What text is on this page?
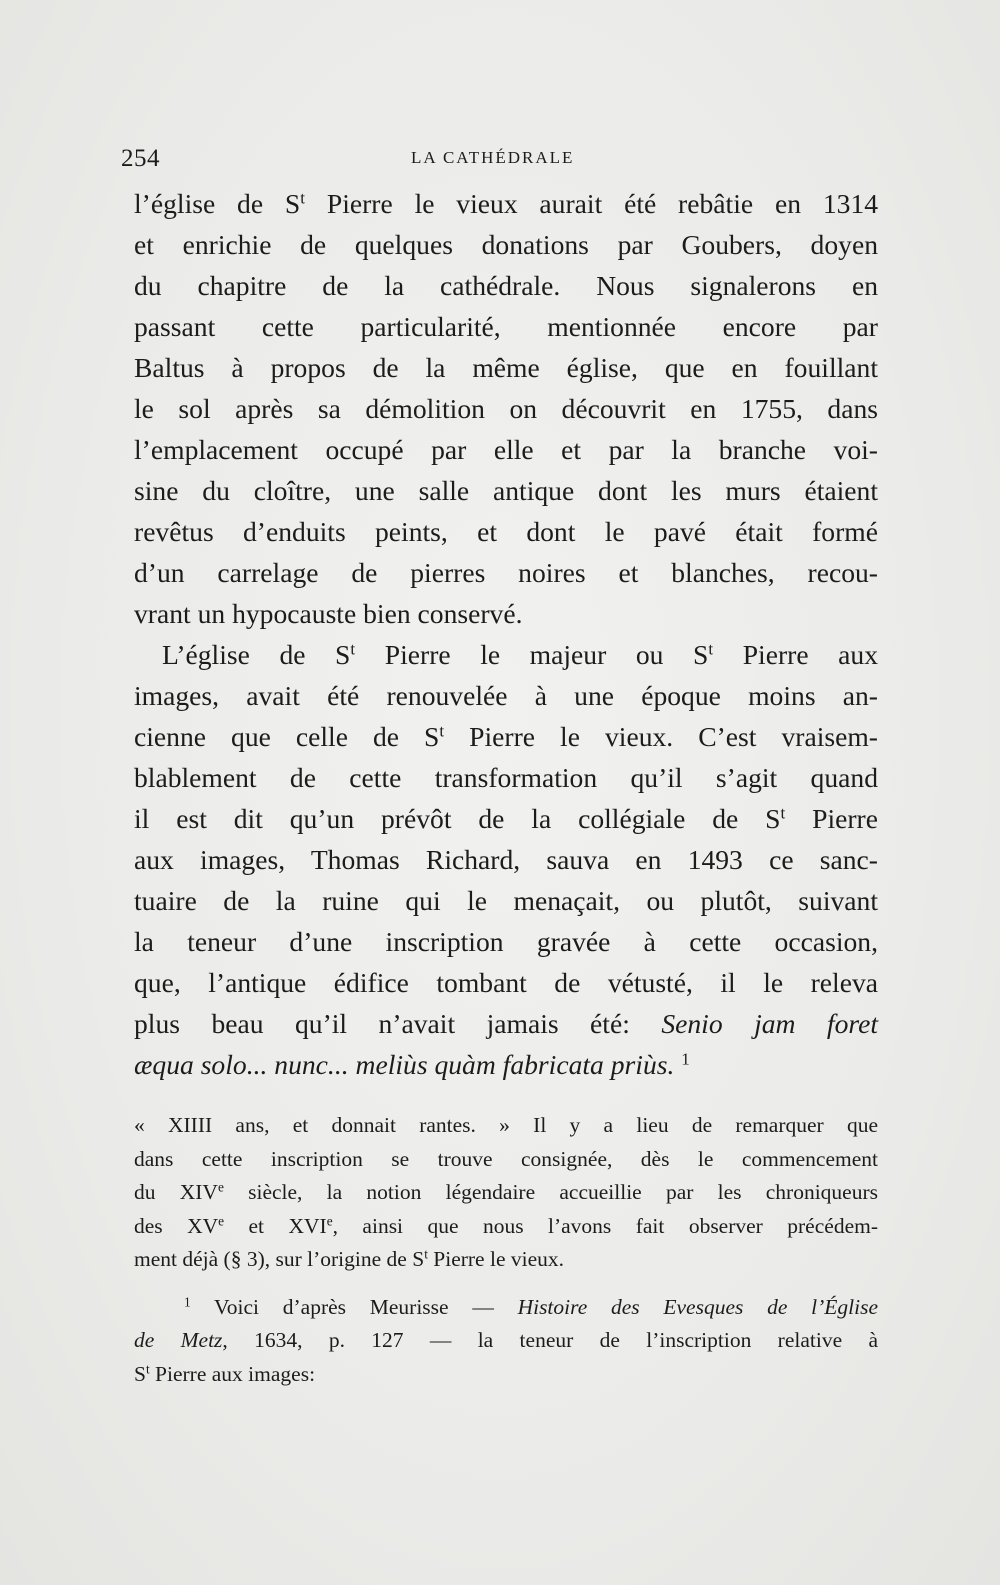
254	LA CATHÉDRALE

l’église de $S^t$ Pierre le vieux aurait été rebâtie en 1314
et enrichie de quelques donations par Goubers, doyen
du chapitre de la cathédrale. Nous signalerons en
passant cette particularité, mentionnée encore par
Baltus à propos de la même église, que en fouillant
le sol après sa démolition on découvrit en 1755, dans
l’emplacement occupé par elle et par la branche voi-
sine du cloître, une salle antique dont les murs étaient
revêtus d’enduits peints, et dont le pavé était formé
d’un carrelage de pierres noires et blanches, recou-
vrant un hypocauste bien conservé.

L’église de $S^t$ Pierre le majeur ou $S^t$ Pierre aux
images, avait été renouvelée à une époque moins an-
cienne que celle de $S^t$ Pierre le vieux. C’est vraisem-
blablement de cette transformation qu’il s’agit quand
il est dit qu’un prévôt de la collégiale de $S^t$ Pierre
aux images, Thomas Richard, sauva en 1493 ce sanc-
tuaire de la ruine qui le menaçait, ou plutôt, suivant
la teneur d’une inscription gravée à cette occasion,
que, l’antique édifice tombant de vétusté, il le releva
plus beau qu’il n’avait jamais été: Senio jam foret
æqua solo... nunc... meliùs quàm fabricata priùs. $^1$

« XIIII ans, et donnait rantes. » Il y a lieu de remarquer que
dans cette inscription se trouve consignée, dès le commencement
du XIVe siècle, la notion légendaire accueillie par les chroniqueurs
des XVe et XVIe, ainsi que nous l’avons fait observer précédem-
ment déjà (§ 3), sur l’origine de $S^t$ Pierre le vieux.

$^1$ Voici d’après Meurisse — Histoire des Evesques de l’Église
de Metz, 1634, p. 127 — la teneur de l’inscription relative à
$S^t$ Pierre aux images:
